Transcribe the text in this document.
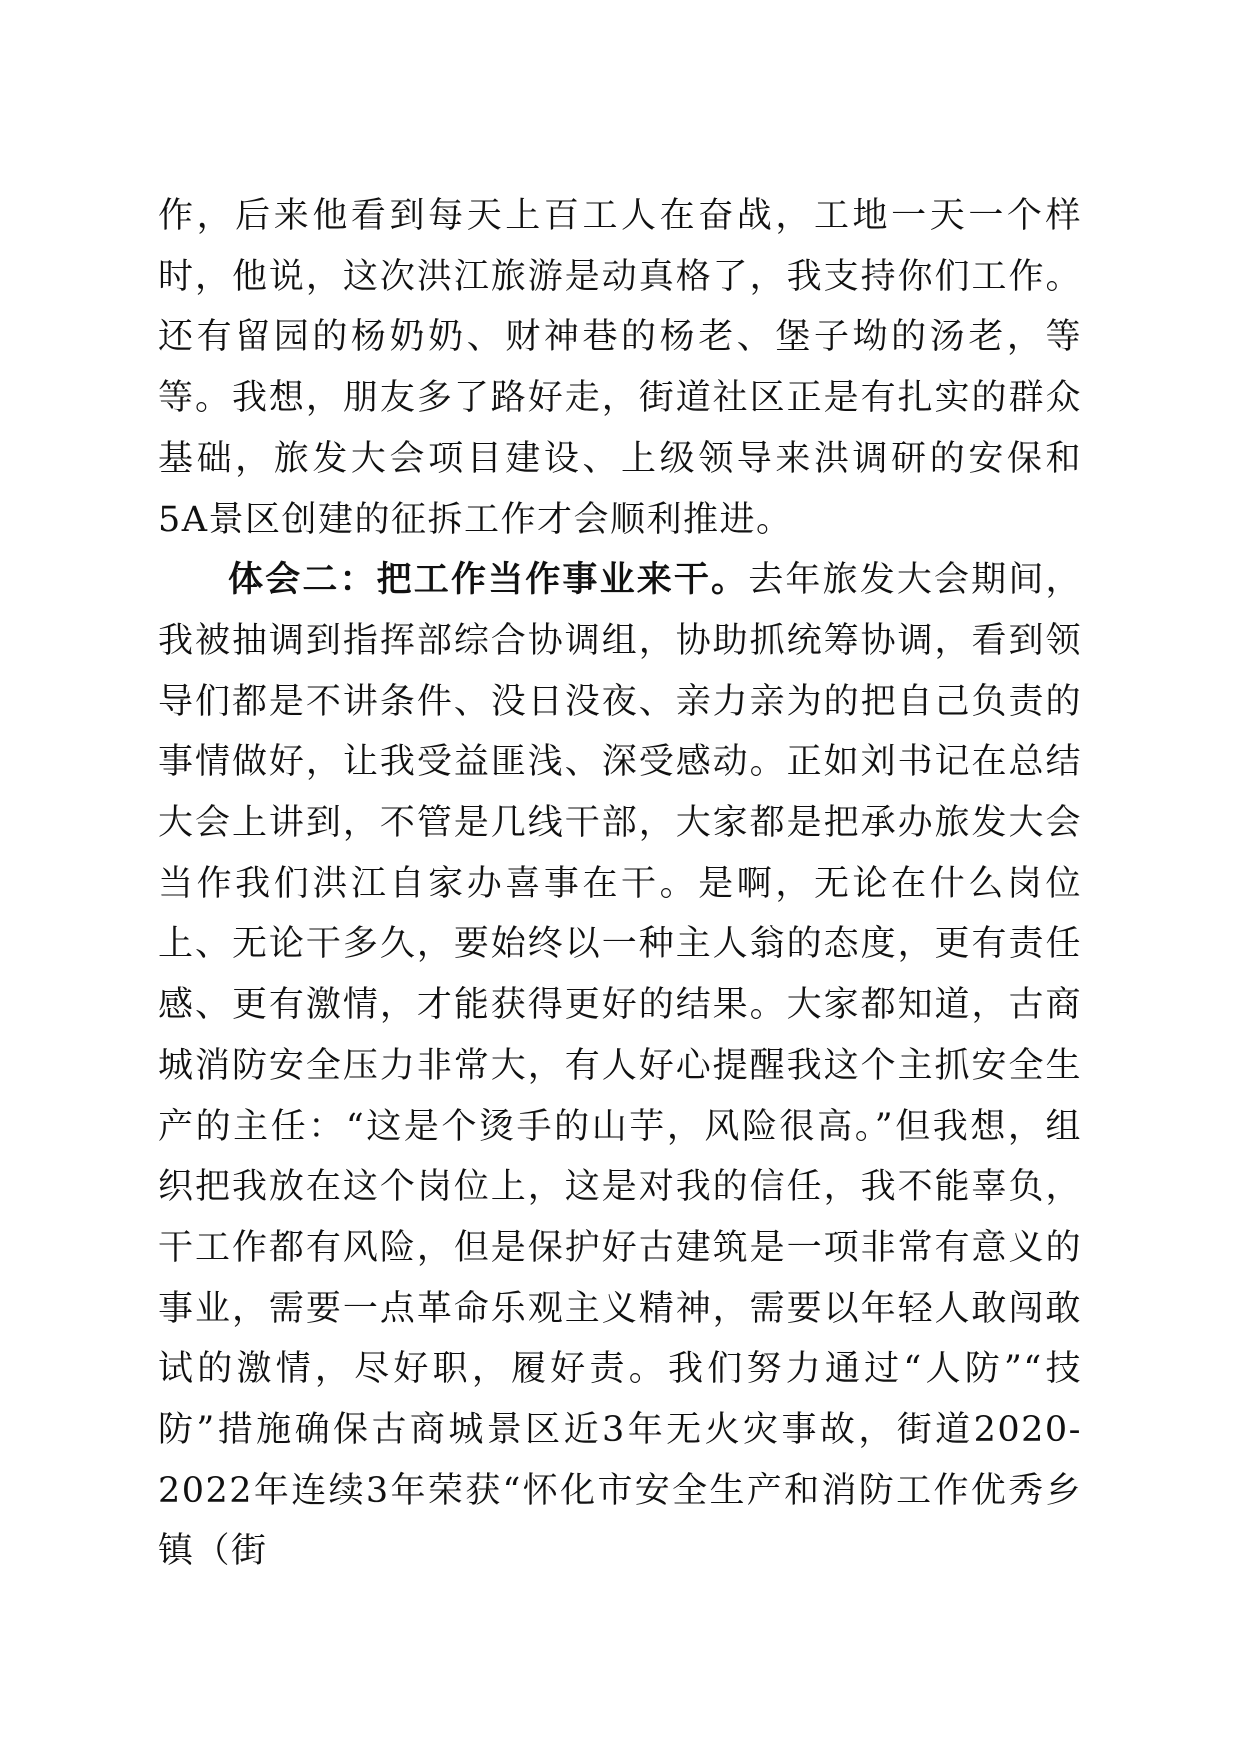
作，后来他看到每天上百工人在奋战，工地一天一个样时，他说，这次洪江旅游是动真格了，我支持你们工作。还有留园的杨奶奶、财神巷的杨老、堡子坳的汤老，等等。我想，朋友多了路好走，街道社区正是有扎实的群众基础，旅发大会项目建设、上级领导来洪调研的安保和5A景区创建的征拆工作才会顺利推进。

体会二：把工作当作事业来干。去年旅发大会期间，我被抽调到指挥部综合协调组，协助抓统筹协调，看到领导们都是不讲条件、没日没夜、亲力亲为的把自己负责的事情做好，让我受益匪浅、深受感动。正如刘书记在总结大会上讲到，不管是几线干部，大家都是把承办旅发大会当作我们洪江自家办喜事在干。是啊，无论在什么岗位上、无论干多久，要始终以一种主人翁的态度，更有责任感、更有激情，才能获得更好的结果。大家都知道，古商城消防安全压力非常大，有人好心提醒我这个主抓安全生产的主任：“这是个烫手的山芋，风险很高。”但我想，组织把我放在这个岗位上，这是对我的信任，我不能辜负，干工作都有风险，但是保护好古建筑是一项非常有意义的事业，需要一点革命乐观主义精神，需要以年轻人敢闯敢试的激情，尽好职，履好责。我们努力通过“人防”“技防”措施确保古商城景区近3年无火灾事故，街道2020-2022年连续3年荣获“怀化市安全生产和消防工作优秀乡镇（街
